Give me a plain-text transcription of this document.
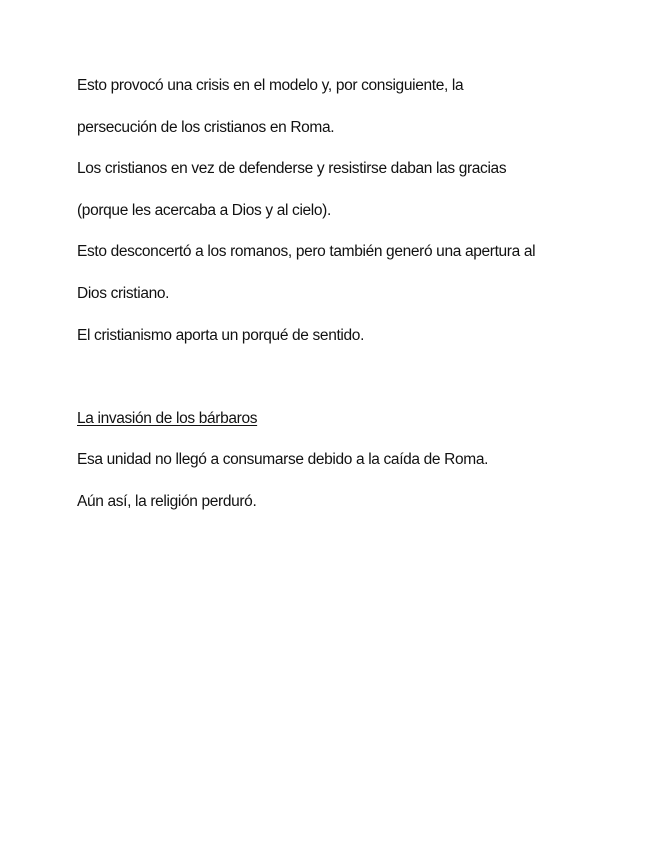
Esto provocó una crisis en el modelo y, por consiguiente, la
persecución de los cristianos en Roma.
Los cristianos en vez de defenderse y resistirse daban las gracias
(porque les acercaba a Dios y al cielo).
Esto desconcertó a los romanos, pero también generó una apertura al
Dios cristiano.
El cristianismo aporta un porqué de sentido.
La invasión de los bárbaros
Esa unidad no llegó a consumarse debido a la caída de Roma.
Aún así, la religión perduró.
